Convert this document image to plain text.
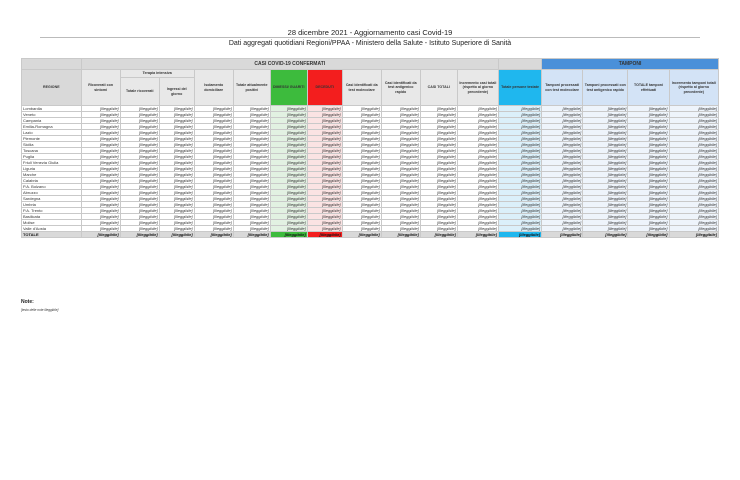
28 dicembre 2021 - Aggiornamento casi Covid-19
Dati aggregati quotidiani Regioni/PPAA - Ministero della Salute - Istituto Superiore di Sanità
	CASI COVID-19 CONFERMATI												TAMPONI			
REGIONE	Ricoverati con sintomi	Terapia intensiva		Isolamento domiciliare	Totale attualmente positivi	DIMESSI/ GUARITI	DECEDUTI	Casi identificati da test molecolare	Casi identificati da test antigenico rapido	CASI TOTALI	Incremento casi totali (rispetto al giorno precedente)	Totale persone testate	Tamponi processati con test molecolare	Tamponi processati con test antigenico rapido	TOTALE tamponi effettuati	Incremento tamponi totali (rispetto al giorno precedente)
		Totale ricoverati	Ingressi del giorno													
Lombardia	[illeggibile]	[illeggibile]	[illeggibile]	[illeggibile]	[illeggibile]	[illeggibile]	[illeggibile]	[illeggibile]	[illeggibile]	[illeggibile]	[illeggibile]	[illeggibile]	[illeggibile]	[illeggibile]	[illeggibile]	[illeggibile]
Veneto	[illeggibile]	[illeggibile]	[illeggibile]	[illeggibile]	[illeggibile]	[illeggibile]	[illeggibile]	[illeggibile]	[illeggibile]	[illeggibile]	[illeggibile]	[illeggibile]	[illeggibile]	[illeggibile]	[illeggibile]	[illeggibile]
Campania	[illeggibile]	[illeggibile]	[illeggibile]	[illeggibile]	[illeggibile]	[illeggibile]	[illeggibile]	[illeggibile]	[illeggibile]	[illeggibile]	[illeggibile]	[illeggibile]	[illeggibile]	[illeggibile]	[illeggibile]	[illeggibile]
Emilia-Romagna	[illeggibile]	[illeggibile]	[illeggibile]	[illeggibile]	[illeggibile]	[illeggibile]	[illeggibile]	[illeggibile]	[illeggibile]	[illeggibile]	[illeggibile]	[illeggibile]	[illeggibile]	[illeggibile]	[illeggibile]	[illeggibile]
Lazio	[illeggibile]	[illeggibile]	[illeggibile]	[illeggibile]	[illeggibile]	[illeggibile]	[illeggibile]	[illeggibile]	[illeggibile]	[illeggibile]	[illeggibile]	[illeggibile]	[illeggibile]	[illeggibile]	[illeggibile]	[illeggibile]
Piemonte	[illeggibile]	[illeggibile]	[illeggibile]	[illeggibile]	[illeggibile]	[illeggibile]	[illeggibile]	[illeggibile]	[illeggibile]	[illeggibile]	[illeggibile]	[illeggibile]	[illeggibile]	[illeggibile]	[illeggibile]	[illeggibile]
Sicilia	[illeggibile]	[illeggibile]	[illeggibile]	[illeggibile]	[illeggibile]	[illeggibile]	[illeggibile]	[illeggibile]	[illeggibile]	[illeggibile]	[illeggibile]	[illeggibile]	[illeggibile]	[illeggibile]	[illeggibile]	[illeggibile]
Toscana	[illeggibile]	[illeggibile]	[illeggibile]	[illeggibile]	[illeggibile]	[illeggibile]	[illeggibile]	[illeggibile]	[illeggibile]	[illeggibile]	[illeggibile]	[illeggibile]	[illeggibile]	[illeggibile]	[illeggibile]	[illeggibile]
Puglia	[illeggibile]	[illeggibile]	[illeggibile]	[illeggibile]	[illeggibile]	[illeggibile]	[illeggibile]	[illeggibile]	[illeggibile]	[illeggibile]	[illeggibile]	[illeggibile]	[illeggibile]	[illeggibile]	[illeggibile]	[illeggibile]
Friuli Venezia Giulia	[illeggibile]	[illeggibile]	[illeggibile]	[illeggibile]	[illeggibile]	[illeggibile]	[illeggibile]	[illeggibile]	[illeggibile]	[illeggibile]	[illeggibile]	[illeggibile]	[illeggibile]	[illeggibile]	[illeggibile]	[illeggibile]
Liguria	[illeggibile]	[illeggibile]	[illeggibile]	[illeggibile]	[illeggibile]	[illeggibile]	[illeggibile]	[illeggibile]	[illeggibile]	[illeggibile]	[illeggibile]	[illeggibile]	[illeggibile]	[illeggibile]	[illeggibile]	[illeggibile]
Marche	[illeggibile]	[illeggibile]	[illeggibile]	[illeggibile]	[illeggibile]	[illeggibile]	[illeggibile]	[illeggibile]	[illeggibile]	[illeggibile]	[illeggibile]	[illeggibile]	[illeggibile]	[illeggibile]	[illeggibile]	[illeggibile]
Calabria	[illeggibile]	[illeggibile]	[illeggibile]	[illeggibile]	[illeggibile]	[illeggibile]	[illeggibile]	[illeggibile]	[illeggibile]	[illeggibile]	[illeggibile]	[illeggibile]	[illeggibile]	[illeggibile]	[illeggibile]	[illeggibile]
P.A. Bolzano	[illeggibile]	[illeggibile]	[illeggibile]	[illeggibile]	[illeggibile]	[illeggibile]	[illeggibile]	[illeggibile]	[illeggibile]	[illeggibile]	[illeggibile]	[illeggibile]	[illeggibile]	[illeggibile]	[illeggibile]	[illeggibile]
Abruzzo	[illeggibile]	[illeggibile]	[illeggibile]	[illeggibile]	[illeggibile]	[illeggibile]	[illeggibile]	[illeggibile]	[illeggibile]	[illeggibile]	[illeggibile]	[illeggibile]	[illeggibile]	[illeggibile]	[illeggibile]	[illeggibile]
Sardegna	[illeggibile]	[illeggibile]	[illeggibile]	[illeggibile]	[illeggibile]	[illeggibile]	[illeggibile]	[illeggibile]	[illeggibile]	[illeggibile]	[illeggibile]	[illeggibile]	[illeggibile]	[illeggibile]	[illeggibile]	[illeggibile]
Umbria	[illeggibile]	[illeggibile]	[illeggibile]	[illeggibile]	[illeggibile]	[illeggibile]	[illeggibile]	[illeggibile]	[illeggibile]	[illeggibile]	[illeggibile]	[illeggibile]	[illeggibile]	[illeggibile]	[illeggibile]	[illeggibile]
P.A. Trento	[illeggibile]	[illeggibile]	[illeggibile]	[illeggibile]	[illeggibile]	[illeggibile]	[illeggibile]	[illeggibile]	[illeggibile]	[illeggibile]	[illeggibile]	[illeggibile]	[illeggibile]	[illeggibile]	[illeggibile]	[illeggibile]
Basilicata	[illeggibile]	[illeggibile]	[illeggibile]	[illeggibile]	[illeggibile]	[illeggibile]	[illeggibile]	[illeggibile]	[illeggibile]	[illeggibile]	[illeggibile]	[illeggibile]	[illeggibile]	[illeggibile]	[illeggibile]	[illeggibile]
Molise	[illeggibile]	[illeggibile]	[illeggibile]	[illeggibile]	[illeggibile]	[illeggibile]	[illeggibile]	[illeggibile]	[illeggibile]	[illeggibile]	[illeggibile]	[illeggibile]	[illeggibile]	[illeggibile]	[illeggibile]	[illeggibile]
Valle d'Aosta	[illeggibile]	[illeggibile]	[illeggibile]	[illeggibile]	[illeggibile]	[illeggibile]	[illeggibile]	[illeggibile]	[illeggibile]	[illeggibile]	[illeggibile]	[illeggibile]	[illeggibile]	[illeggibile]	[illeggibile]	[illeggibile]
TOTALE	[illeggibile]	[illeggibile]	[illeggibile]	[illeggibile]	[illeggibile]	[illeggibile]	[illeggibile]	[illeggibile]	[illeggibile]	[illeggibile]	[illeggibile]	[illeggibile]	[illeggibile]	[illeggibile]	[illeggibile]	[illeggibile]
Note:
[testo delle note illeggibile]
